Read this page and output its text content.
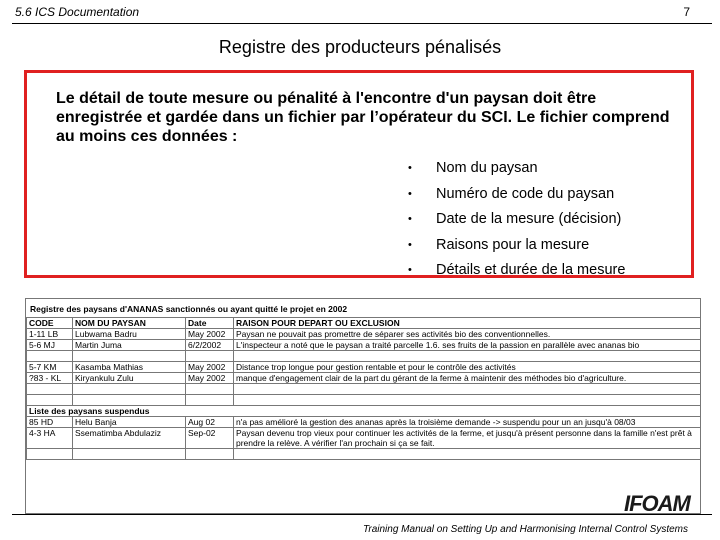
5.6 ICS Documentation	7
Registre des producteurs pénalisés
Le détail de toute mesure ou pénalité à l'encontre d'un paysan doit être enregistrée et gardée dans un fichier par l’opérateur du SCI. Le fichier comprend au moins ces données :
• Nom du paysan
• Numéro de code du paysan
• Date de la mesure (décision)
• Raisons pour la mesure
• Détails et durée de la mesure
Registre des paysans d'ANANAS sanctionnés ou ayant quitté le projet en 2002
CODE	NOM DU PAYSAN	Date	RAISON POUR DEPART OU EXCLUSION
1-11 LB	Lubwama Badru	May 2002	Paysan ne pouvait pas promettre de séparer ses activités bio des conventionnelles.
5-6 MJ	Martin Juma	6/2/2002	L'inspecteur a noté que le paysan a traité parcelle 1.6. ses fruits de la passion en parallèle avec ananas bio

5-7 KM	Kasamba Mathias	May 2002	Distance trop longue pour gestion rentable et pour le contrôle des activités
?83 - KL	Kiryankulu Zulu	May 2002	manque d'engagement clair de la part du gérant de la ferme à maintenir des méthodes bio d'agriculture.

Liste des paysans suspendus			
85 HD	Helu Banja	Aug 02	n'a pas amélioré la gestion des ananas après la troisième demande -> suspendu pour un an jusqu'à 08/03
4-3 HA	Ssematimba Abdulaziz	Sep-02	Paysan devenu trop vieux pour continuer les activités de la ferme, et jusqu'à présent personne dans la famille n'est prêt à prendre la relève. A vérifier l'an prochain si ça se fait.

IFOAM
Training Manual on Setting Up and Harmonising Internal Control Systems
